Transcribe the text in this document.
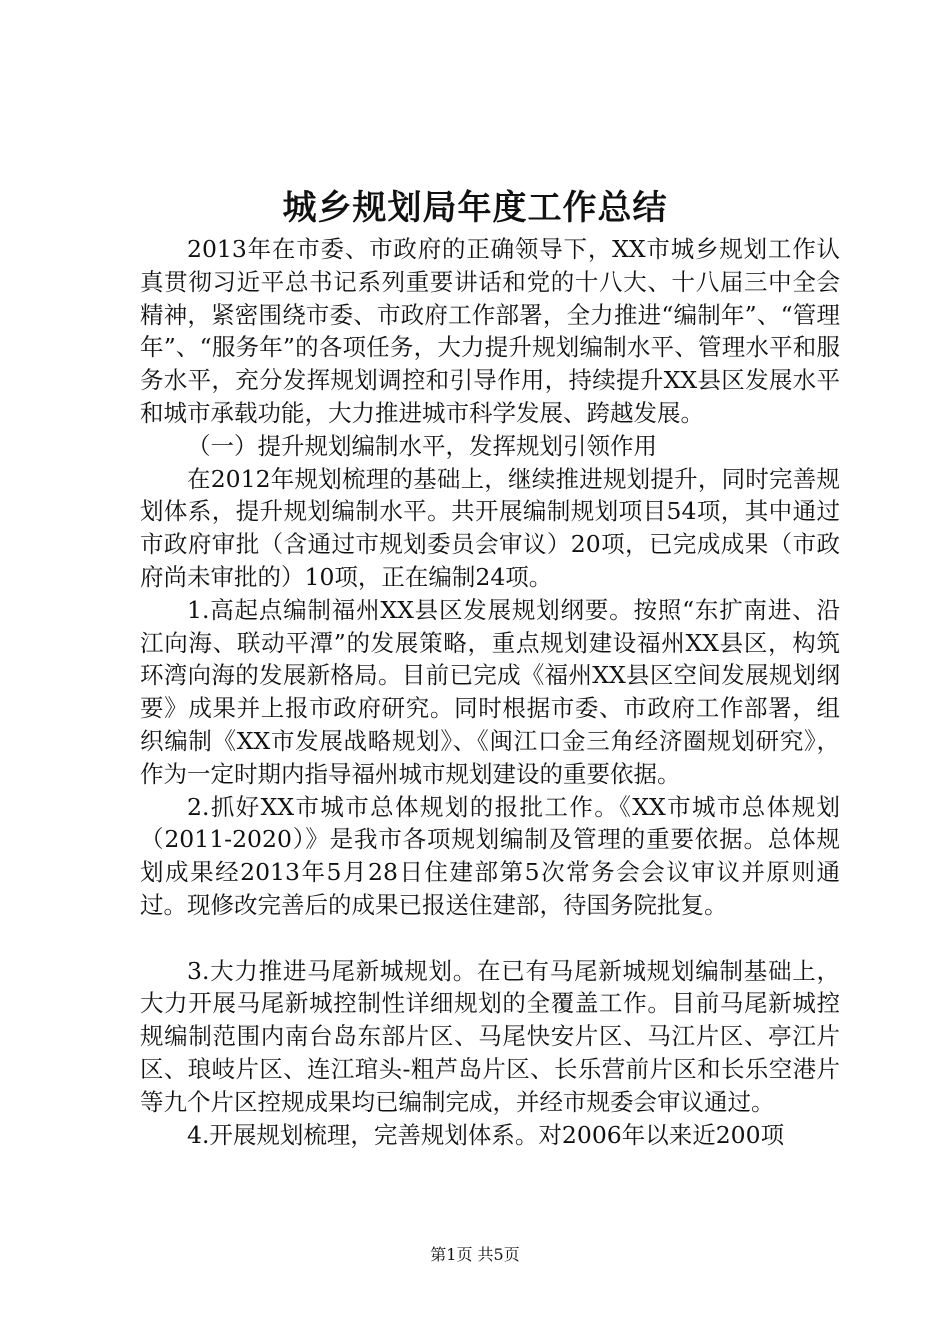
城乡规划局年度工作总结

2013年在市委、市政府的正确领导下，XX市城乡规划工作认真贯彻习近平总书记系列重要讲话和党的十八大、十八届三中全会精神，紧密围绕市委、市政府工作部署，全力推进“编制年”、“管理年”、“服务年”的各项任务，大力提升规划编制水平、管理水平和服务水平，充分发挥规划调控和引导作用，持续提升XX县区发展水平和城市承载功能，大力推进城市科学发展、跨越发展。

（一）提升规划编制水平，发挥规划引领作用

在2012年规划梳理的基础上，继续推进规划提升，同时完善规划体系，提升规划编制水平。共开展编制规划项目54项，其中通过市政府审批（含通过市规划委员会审议）20项，已完成成果（市政府尚未审批的）10项，正在编制24项。

1.高起点编制福州XX县区发展规划纲要。按照“东扩南进、沿江向海、联动平潭”的发展策略，重点规划建设福州XX县区，构筑环湾向海的发展新格局。目前已完成《福州XX县区空间发展规划纲要》成果并上报市政府研究。同时根据市委、市政府工作部署，组织编制《XX市发展战略规划》、《闽江口金三角经济圈规划研究》，作为一定时期内指导福州城市规划建设的重要依据。

2.抓好XX市城市总体规划的报批工作。《XX市城市总体规划（2011-2020）》是我市各项规划编制及管理的重要依据。总体规划成果经2013年5月28日住建部第5次常务会会议审议并原则通过。现修改完善后的成果已报送住建部，待国务院批复。

3.大力推进马尾新城规划。在已有马尾新城规划编制基础上，大力开展马尾新城控制性详细规划的全覆盖工作。目前马尾新城控规编制范围内南台岛东部片区、马尾快安片区、马江片区、亭江片区、琅岐片区、连江琯头-粗芦岛片区、长乐营前片区和长乐空港片等九个片区控规成果均已编制完成，并经市规委会审议通过。

4.开展规划梳理，完善规划体系。对2006年以来近200项

第1页 共5页
